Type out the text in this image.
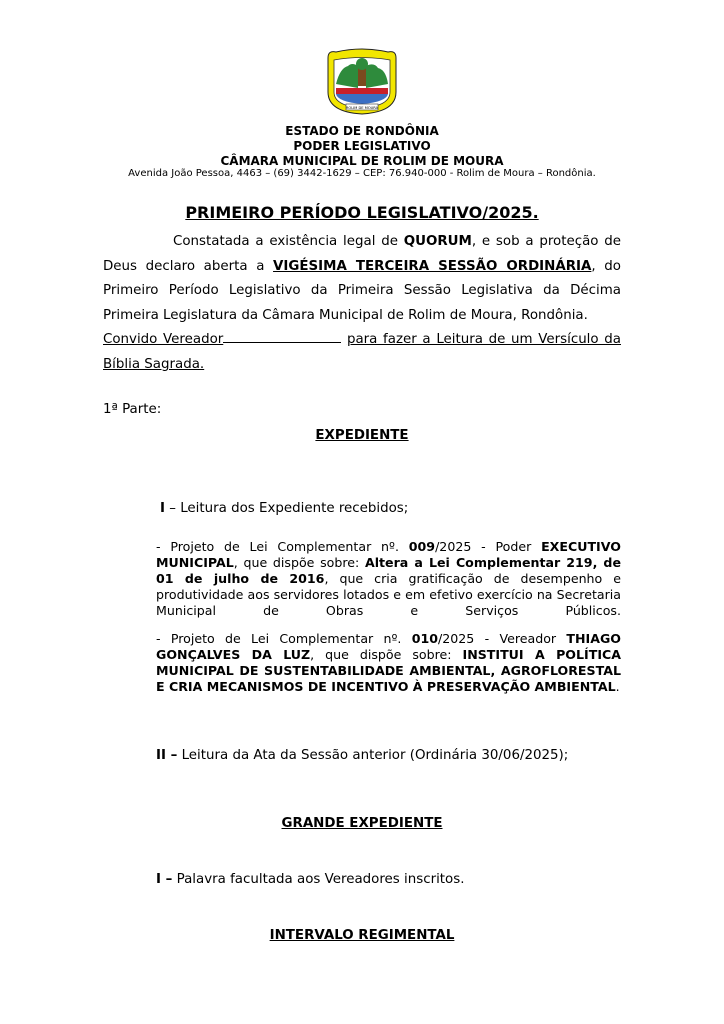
ROLIM DE MOURA
ESTADO DE RONDÔNIA
PODER LEGISLATIVO
CÂMARA MUNICIPAL DE ROLIM DE MOURA
Avenida João Pessoa, 4463 – (69) 3442-1629 – CEP: 76.940-000 - Rolim de Moura – Rondônia.
PRIMEIRO PERÍODO LEGISLATIVO/2025.
Constatada a existência legal de QUORUM, e sob a proteção de Deus declaro aberta a VIGÉSIMA TERCEIRA SESSÃO ORDINÁRIA, do Primeiro Período Legislativo da Primeira Sessão Legislativa da Décima Primeira Legislatura da Câmara Municipal de Rolim de Moura, Rondônia.
Convido Vereador	para fazer a Leitura de um Versículo da
Bíblia Sagrada.
1ª Parte:
EXPEDIENTE
I – Leitura dos Expediente recebidos;
- Projeto de Lei Complementar nº. 009/2025 - Poder EXECUTIVO MUNICIPAL, que dispõe sobre: Altera a Lei Complementar 219, de 01 de julho de 2016, que cria gratificação de desempenho e produtividade aos servidores lotados e em efetivo exercício na Secretaria Municipal de Obras e Serviços Públicos.
- Projeto de Lei Complementar nº. 010/2025 - Vereador THIAGO GONÇALVES DA LUZ, que dispõe sobre: INSTITUI A POLÍTICA MUNICIPAL DE SUSTENTABILIDADE AMBIENTAL, AGROFLORESTAL E CRIA MECANISMOS DE INCENTIVO À PRESERVAÇÃO AMBIENTAL.
II – Leitura da Ata da Sessão anterior (Ordinária 30/06/2025);
GRANDE EXPEDIENTE
I – Palavra facultada aos Vereadores inscritos.
INTERVALO REGIMENTAL
